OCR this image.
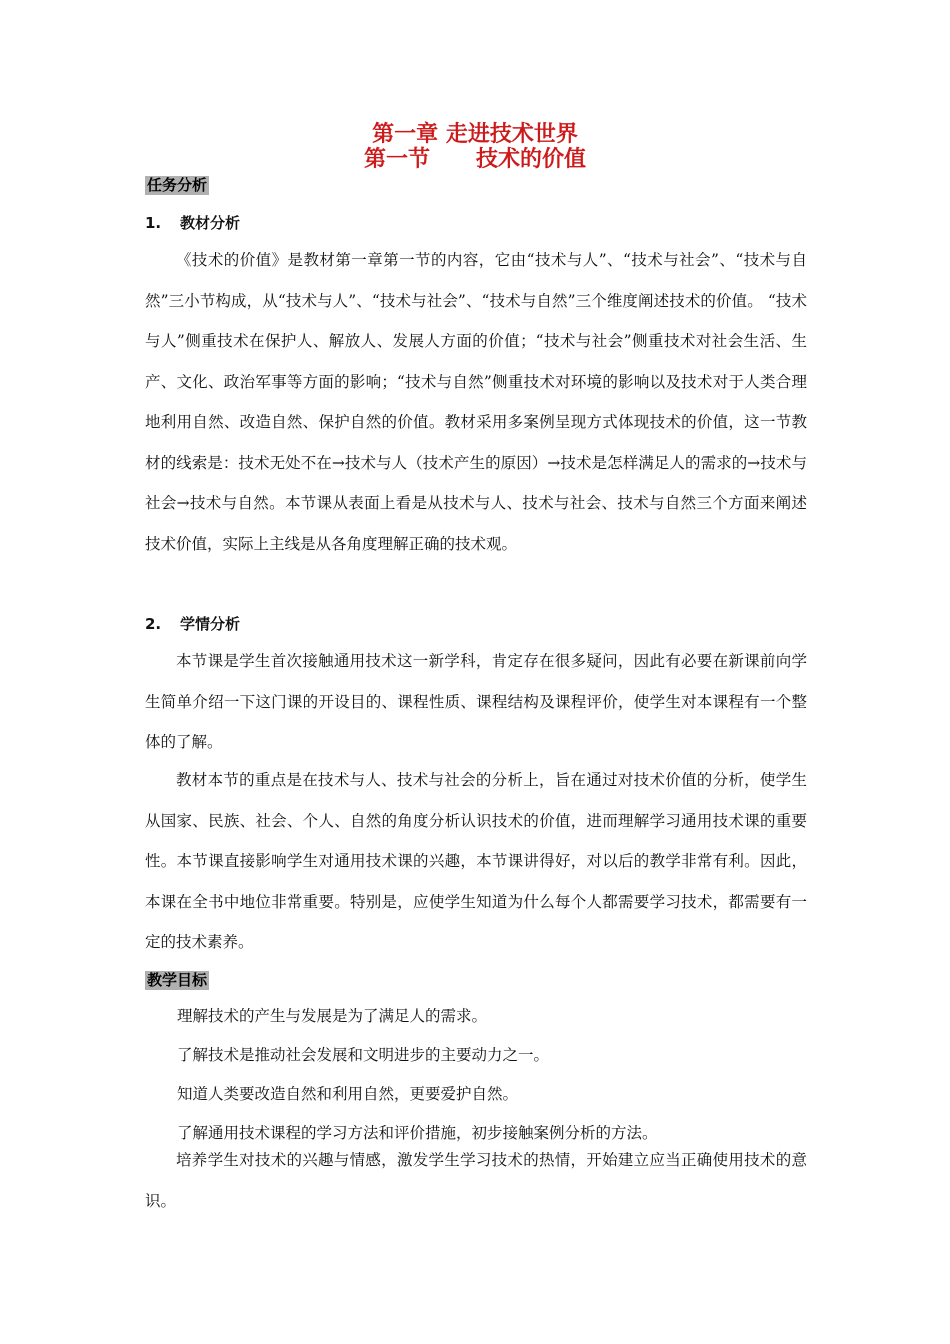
第一章 走进技术世界
第一节      技术的价值
任务分析
1. 教材分析

《技术的价值》是教材第一章第一节的内容，它由“技术与人”、“技术与社会”、“技术与自然”三小节构成，从“技术与人”、“技术与社会”、“技术与自然”三个维度阐述技术的价值。 “技术与人”侧重技术在保护人、解放人、发展人方面的价值；“技术与社会”侧重技术对社会生活、生产、文化、政治军事等方面的影响；“技术与自然”侧重技术对环境的影响以及技术对于人类合理地利用自然、改造自然、保护自然的价值。教材采用多案例呈现方式体现技术的价值，这一节教材的线索是：技术无处不在→技术与人（技术产生的原因）→技术是怎样满足人的需求的→技术与社会→技术与自然。本节课从表面上看是从技术与人、技术与社会、技术与自然三个方面来阐述技术价值，实际上主线是从各角度理解正确的技术观。

2. 学情分析

本节课是学生首次接触通用技术这一新学科，肯定存在很多疑问，因此有必要在新课前向学生简单介绍一下这门课的开设目的、课程性质、课程结构及课程评价，使学生对本课程有一个整体的了解。

教材本节的重点是在技术与人、技术与社会的分析上，旨在通过对技术价值的分析，使学生从国家、民族、社会、个人、自然的角度分析认识技术的价值，进而理解学习通用技术课的重要性。本节课直接影响学生对通用技术课的兴趣，本节课讲得好，对以后的教学非常有利。因此，本课在全书中地位非常重要。特别是，应使学生知道为什么每个人都需要学习技术，都需要有一定的技术素养。

教学目标
理解技术的产生与发展是为了满足人的需求。
了解技术是推动社会发展和文明进步的主要动力之一。
知道人类要改造自然和利用自然，更要爱护自然。
了解通用技术课程的学习方法和评价措施，初步接触案例分析的方法。

培养学生对技术的兴趣与情感，激发学生学习技术的热情，开始建立应当正确使用技术的意识。
